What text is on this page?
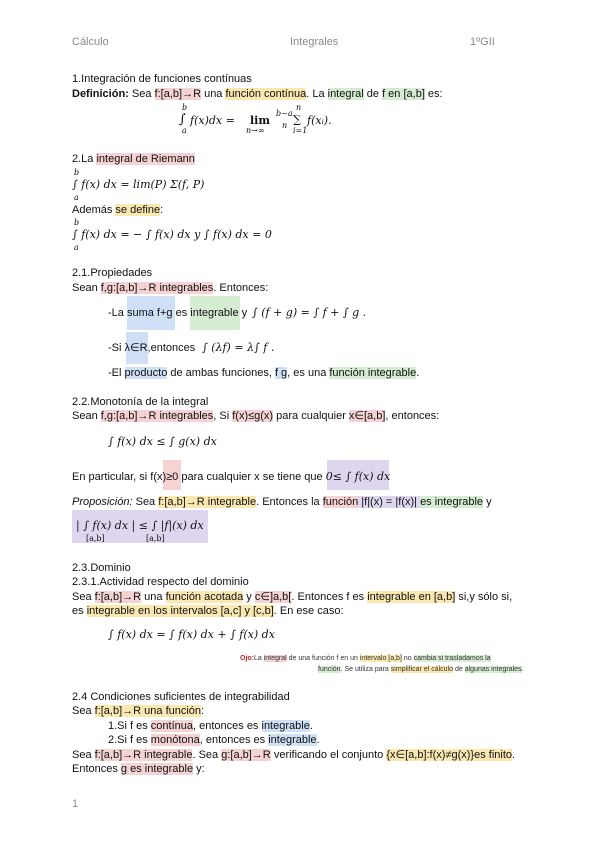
Cálculo	Integrales	1ºGII
1.Integración de funciones contínuas
Definición: Sea f:[a,b]→R una función contínua. La integral de f en [a,b] es:
b
∫
a
f(x)dx = lim
n→∞
b−a
n
n
∑
i=1
f(xᵢ).
2.La integral de Riemann
b
∫ f(x) dx = lim(P) Σ(f, P)
a
Además se define:
b
∫ f(x) dx = − ∫ f(x) dx y ∫ f(x) dx = 0
a
2.1.Propiedades
Sean f,g:[a,b]→R integrables. Entonces:
-La suma f+g es integrable y ∫ (f + g) = ∫ f + ∫ g .
-Si λ∈R,entonces ∫ (λf) = λ∫ f .
-El producto de ambas funciones, f g, es una función integrable.
2.2.Monotonía de la integral
Sean f,g:[a,b]→R integrables, Si f(x)≤g(x) para cualquier x∈[a,b], entonces:
∫ f(x) dx ≤ ∫ g(x) dx
En particular, si f(x)≥0 para cualquier x se tiene que 0≤ ∫ f(x) dx
Proposición: Sea f:[a,b]→R integrable. Entonces la función |f|(x) = |f(x)| es integrable y
| ∫ f(x) dx | ≤ ∫ |f|(x) dx
[a,b]	[a,b]
2.3.Dominio
2.3.1.Actividad respecto del dominio
Sea f:[a,b]→R una función acotada y c∈]a,b[. Entonces f es integrable en [a,b] si,y sólo si,
es integrable en los intervalos [a,c] y [c,b]. En ese caso:
∫ f(x) dx = ∫ f(x) dx + ∫ f(x) dx
Ojo:La integral de una función f en un intervalo [a,b] no cambia si trasladamos la
función. Se utiliza para simplificar el cálculo de algunas integrales.
2.4 Condiciones suficientes de integrabilidad
Sea f:[a,b]→R una función:
1.Si f es contínua, entonces es integrable.
2.Si f es monótona, entonces es integrable.
Sea f:[a,b]→R integrable. Sea g:[a,b]→R verificando el conjunto {x∈[a,b]:f(x)≠g(x)}es finito.
Entonces g es integrable y:
1
